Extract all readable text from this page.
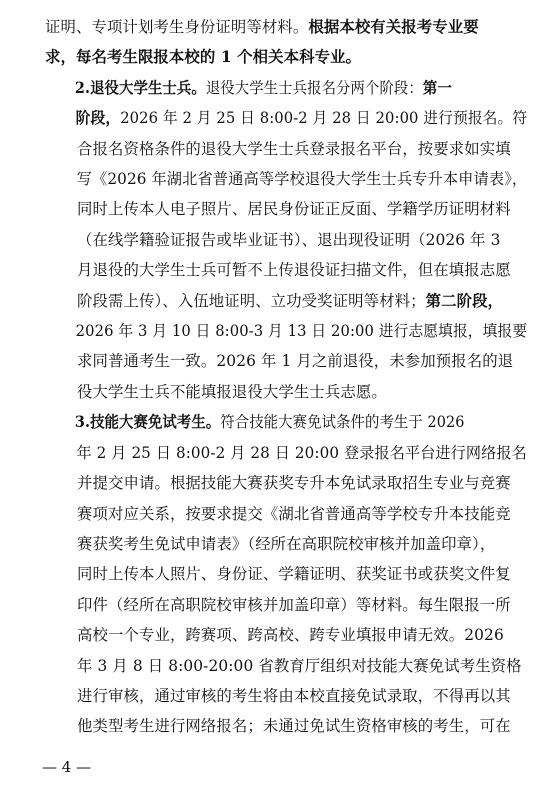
证明、专项计划考生身份证明等材料。根据本校有关报考专业要
求，每名考生限报本校的 1 个相关本科专业。
2.退役大学生士兵。退役大学生士兵报名分两个阶段：第一
阶段，2026 年 2 月 25 日 8:00-2 月 28 日 20:00 进行预报名。符
合报名资格条件的退役大学生士兵登录报名平台，按要求如实填
写《2026 年湖北省普通高等学校退役大学生士兵专升本申请表》，
同时上传本人电子照片、居民身份证正反面、学籍学历证明材料
（在线学籍验证报告或毕业证书）、退出现役证明（2026 年 3
月退役的大学生士兵可暂不上传退役证扫描文件，但在填报志愿
阶段需上传）、入伍地证明、立功受奖证明等材料；第二阶段，
2026 年 3 月 10 日 8:00-3 月 13 日 20:00 进行志愿填报，填报要
求同普通考生一致。2026 年 1 月之前退役，未参加预报名的退
役大学生士兵不能填报退役大学生士兵志愿。
3.技能大赛免试考生。符合技能大赛免试条件的考生于 2026
年 2 月 25 日 8:00-2 月 28 日 20:00 登录报名平台进行网络报名
并提交申请。根据技能大赛获奖专升本免试录取招生专业与竞赛
赛项对应关系，按要求提交《湖北省普通高等学校专升本技能竞
赛获奖考生免试申请表》（经所在高职院校审核并加盖印章），
同时上传本人照片、身份证、学籍证明、获奖证书或获奖文件复
印件（经所在高职院校审核并加盖印章）等材料。每生限报一所
高校一个专业，跨赛项、跨高校、跨专业填报申请无效。2026
年 3 月 8 日 8:00-20:00 省教育厅组织对技能大赛免试考生资格
进行审核，通过审核的考生将由本校直接免试录取，不得再以其
他类型考生进行网络报名；未通过免试生资格审核的考生，可在
— 4 —
